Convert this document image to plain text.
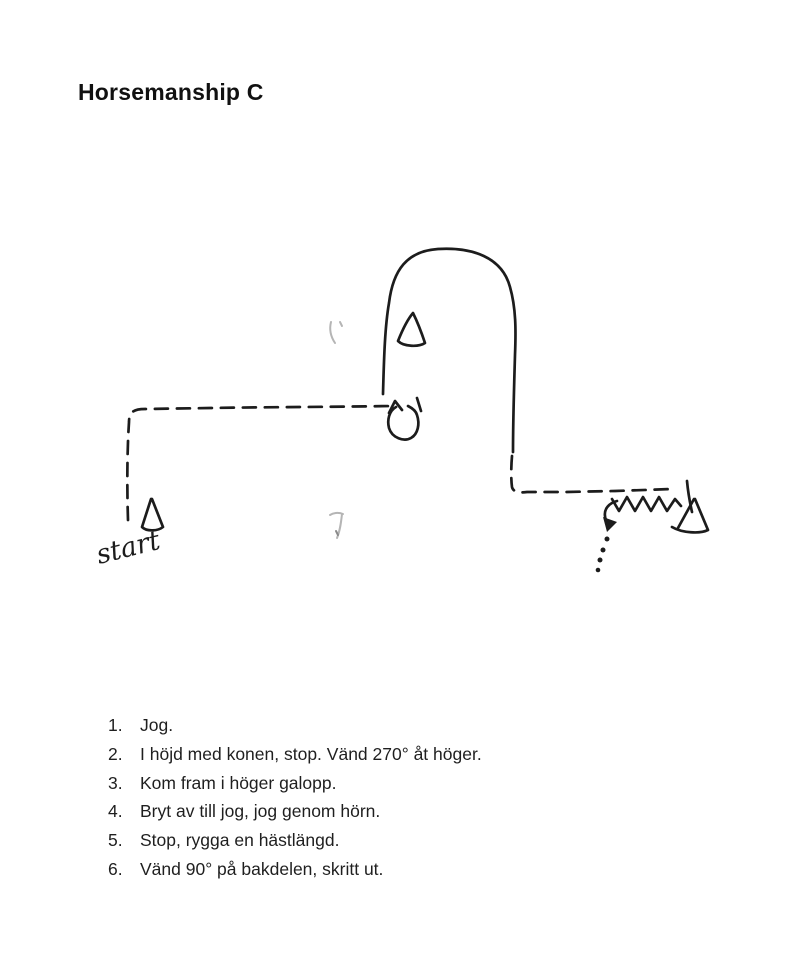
Horsemanship C
start
1. Jog.
2. I höjd med konen, stop. Vänd 270° åt höger.
3. Kom fram i höger galopp.
4. Bryt av till jog, jog genom hörn.
5. Stop, rygga en hästlängd.
6. Vänd 90° på bakdelen, skritt ut.
